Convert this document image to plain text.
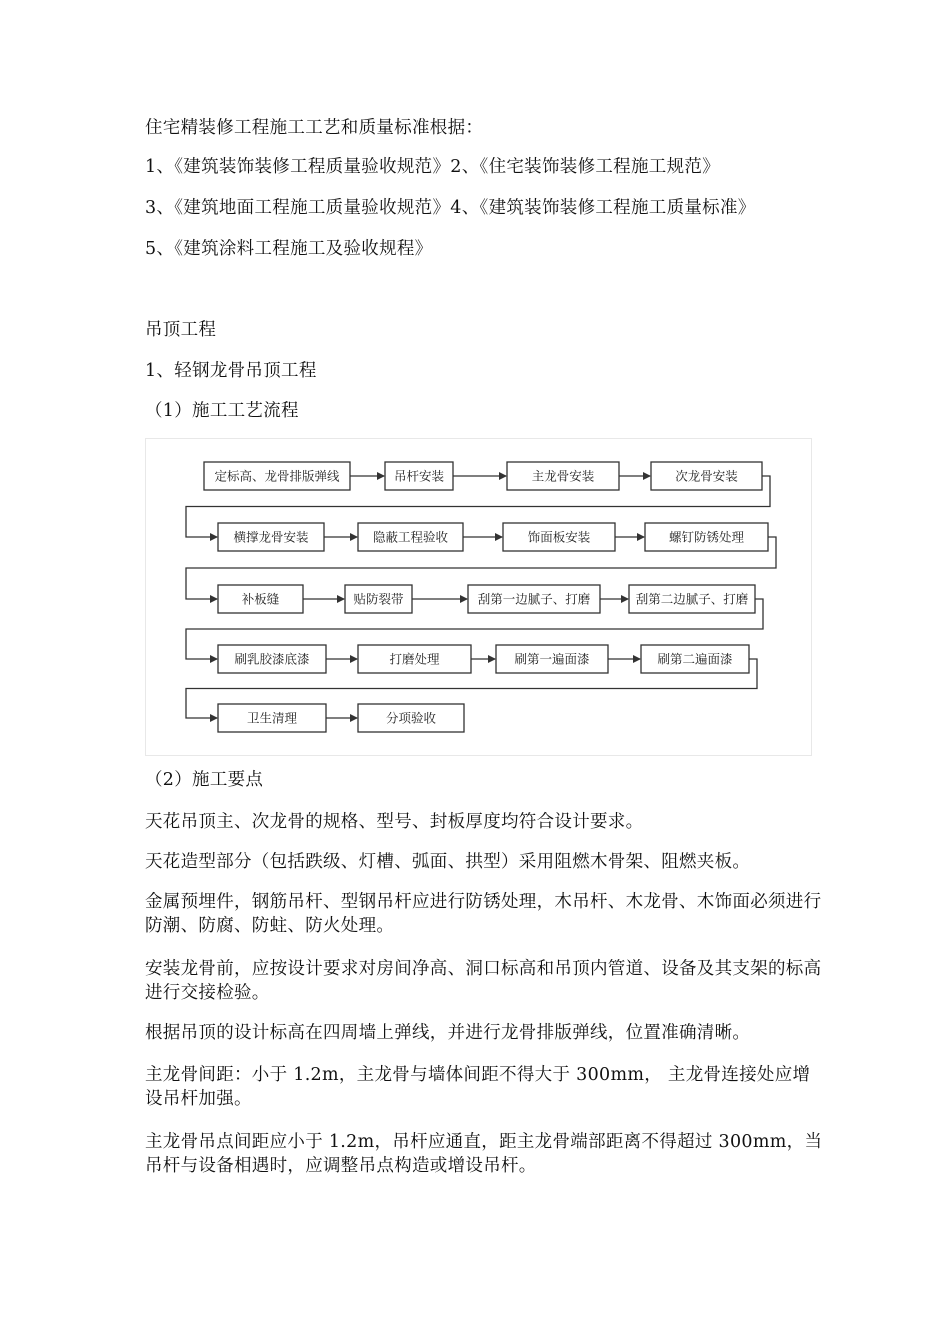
住宅精装修工程施工工艺和质量标准根据：
1、《建筑装饰装修工程质量验收规范》2、《住宅装饰装修工程施工规范》
3、《建筑地面工程施工质量验收规范》4、《建筑装饰装修工程施工质量标准》
5、《建筑涂料工程施工及验收规程》
吊顶工程
1、轻钢龙骨吊顶工程
（1）施工工艺流程
定标高、龙骨排版弹线	吊杆安装	主龙骨安装	次龙骨安装
横撑龙骨安装	隐蔽工程验收	饰面板安装	螺钉防锈处理
补板缝	贴防裂带	刮第一边腻子、打磨	刮第二边腻子、打磨
刷乳胶漆底漆	打磨处理	刷第一遍面漆	刷第二遍面漆
卫生清理	分项验收
（2）施工要点
天花吊顶主、次龙骨的规格、型号、封板厚度均符合设计要求。
天花造型部分（包括跌级、灯槽、弧面、拱型）采用阻燃木骨架、阻燃夹板。
金属预埋件，钢筋吊杆、型钢吊杆应进行防锈处理，木吊杆、木龙骨、木饰面必须进行防潮、防腐、防蛀、防火处理。
安装龙骨前，应按设计要求对房间净高、洞口标高和吊顶内管道、设备及其支架的标高进行交接检验。
根据吊顶的设计标高在四周墙上弹线，并进行龙骨排版弹线，位置准确清晰。
主龙骨间距：小于 1.2m，主龙骨与墙体间距不得大于 300mm， 主龙骨连接处应增设吊杆加强。
主龙骨吊点间距应小于 1.2m，吊杆应通直，距主龙骨端部距离不得超过 300mm，当吊杆与设备相遇时，应调整吊点构造或增设吊杆。
